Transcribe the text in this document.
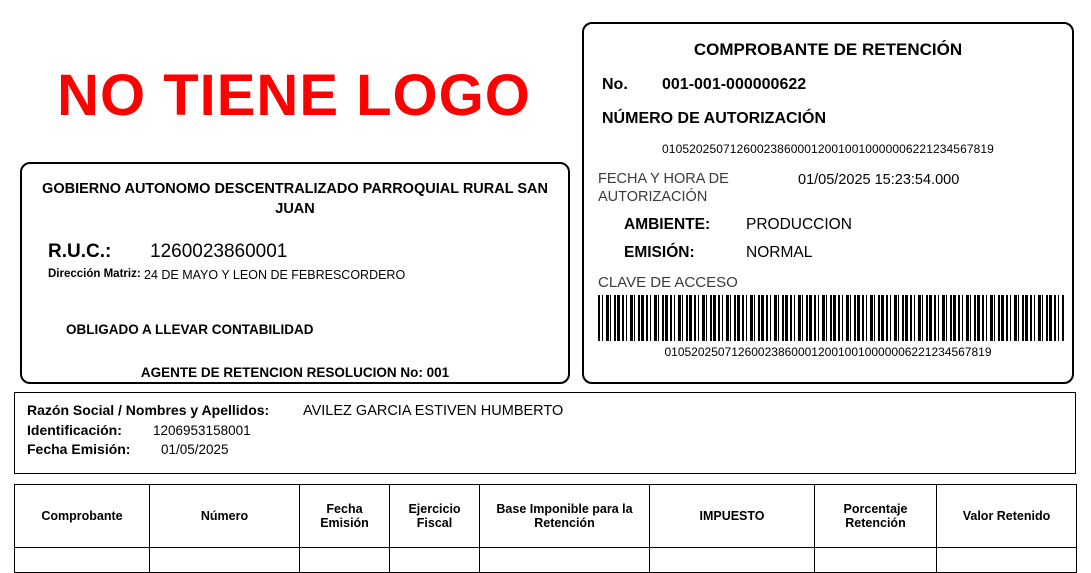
NO TIENE LOGO
GOBIERNO AUTONOMO DESCENTRALIZADO PARROQUIAL RURAL SAN JUAN
R.U.C.:	1260023860001
Dirección Matriz: 24 DE MAYO Y LEON DE FEBRESCORDERO
OBLIGADO A LLEVAR CONTABILIDAD
AGENTE DE RETENCION RESOLUCION No: 001
COMPROBANTE DE RETENCIÓN
No.	001-001-000000622
NÚMERO DE AUTORIZACIÓN
0105202507126002386000120010010000006221234567819
FECHA Y HORA DE AUTORIZACIÓN
01/05/2025 15:23:54.000
AMBIENTE:	PRODUCCION
EMISIÓN:	NORMAL
CLAVE DE ACCESO
0105202507126002386000120010010000006221234567819
Razón Social / Nombres y Apellidos:	AVILEZ GARCIA ESTIVEN HUMBERTO
Identificación:	1206953158001
Fecha Emisión:	01/05/2025
Comprobante	Número	Fecha Emisión	Ejercicio Fiscal	Base Imponible para la Retención	IMPUESTO	Porcentaje Retención	Valor Retenido
